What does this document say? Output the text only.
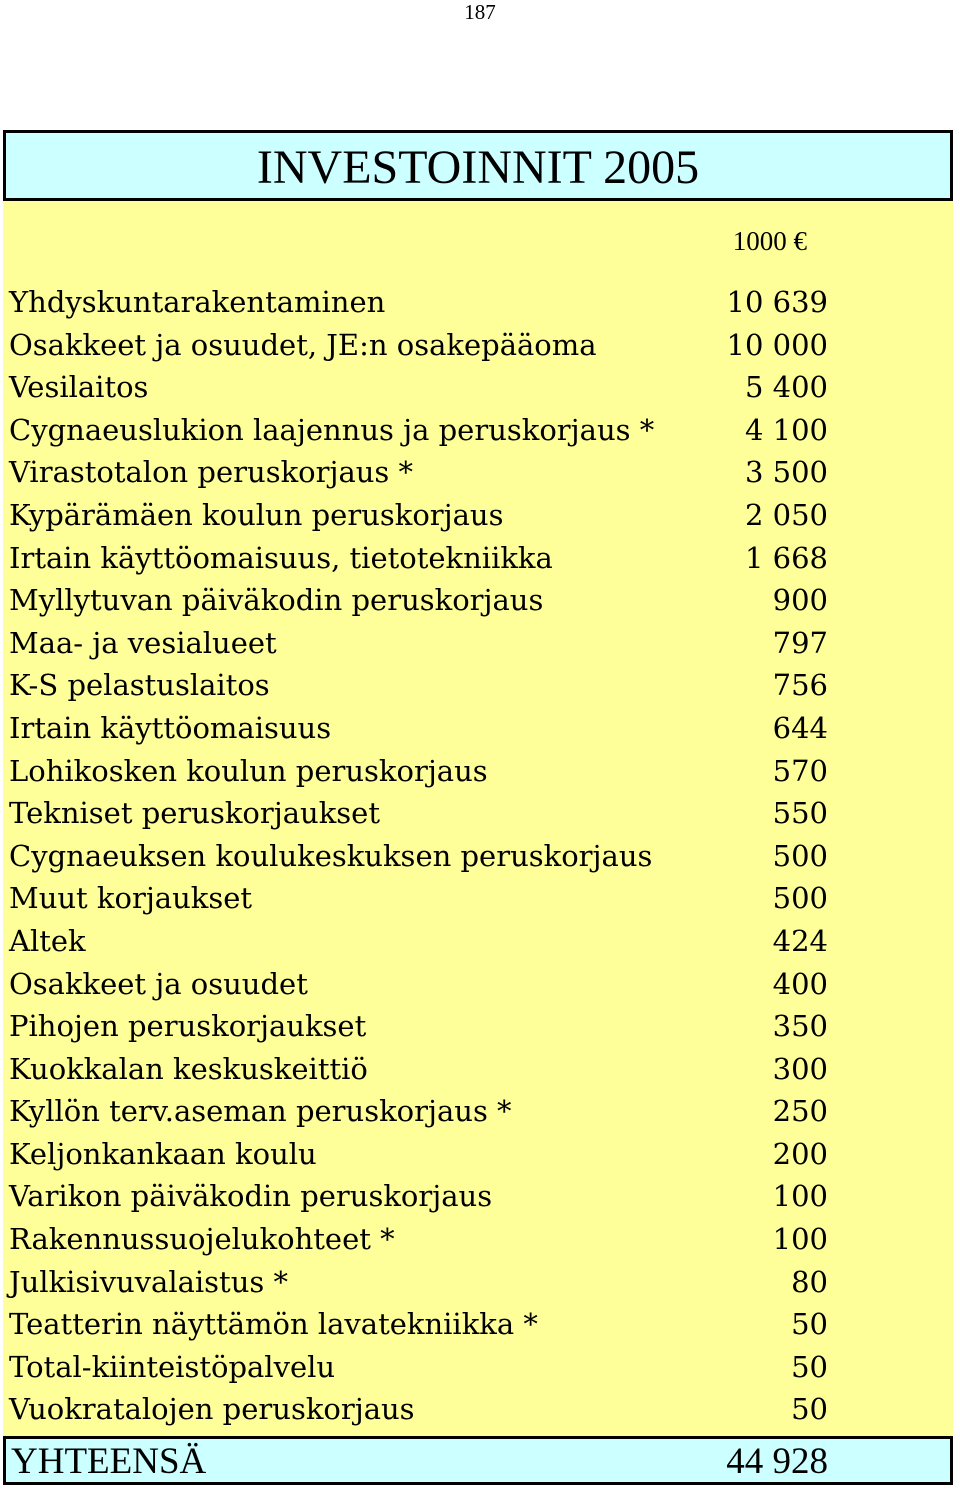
187
INVESTOINNIT 2005
1000 €
Yhdyskuntarakentaminen	10 639
Osakkeet ja osuudet, JE:n osakepääoma	10 000
Vesilaitos	5 400
Cygnaeuslukion laajennus ja peruskorjaus *	4 100
Virastotalon peruskorjaus *	3 500
Kypärämäen koulun peruskorjaus	2 050
Irtain käyttöomaisuus, tietotekniikka	1 668
Myllytuvan päiväkodin peruskorjaus	900
Maa- ja vesialueet	797
K-S pelastuslaitos	756
Irtain käyttöomaisuus	644
Lohikosken koulun peruskorjaus	570
Tekniset peruskorjaukset	550
Cygnaeuksen koulukeskuksen peruskorjaus	500
Muut korjaukset	500
Altek	424
Osakkeet ja osuudet	400
Pihojen peruskorjaukset	350
Kuokkalan keskuskeittiö	300
Kyllön terv.aseman peruskorjaus *	250
Keljonkankaan koulu	200
Varikon päiväkodin peruskorjaus	100
Rakennussuojelukohteet *	100
Julkisivuvalaistus *	80
Teatterin näyttämön lavatekniikka *	50
Total-kiinteistöpalvelu	50
Vuokratalojen peruskorjaus	50
YHTEENSÄ	44 928
